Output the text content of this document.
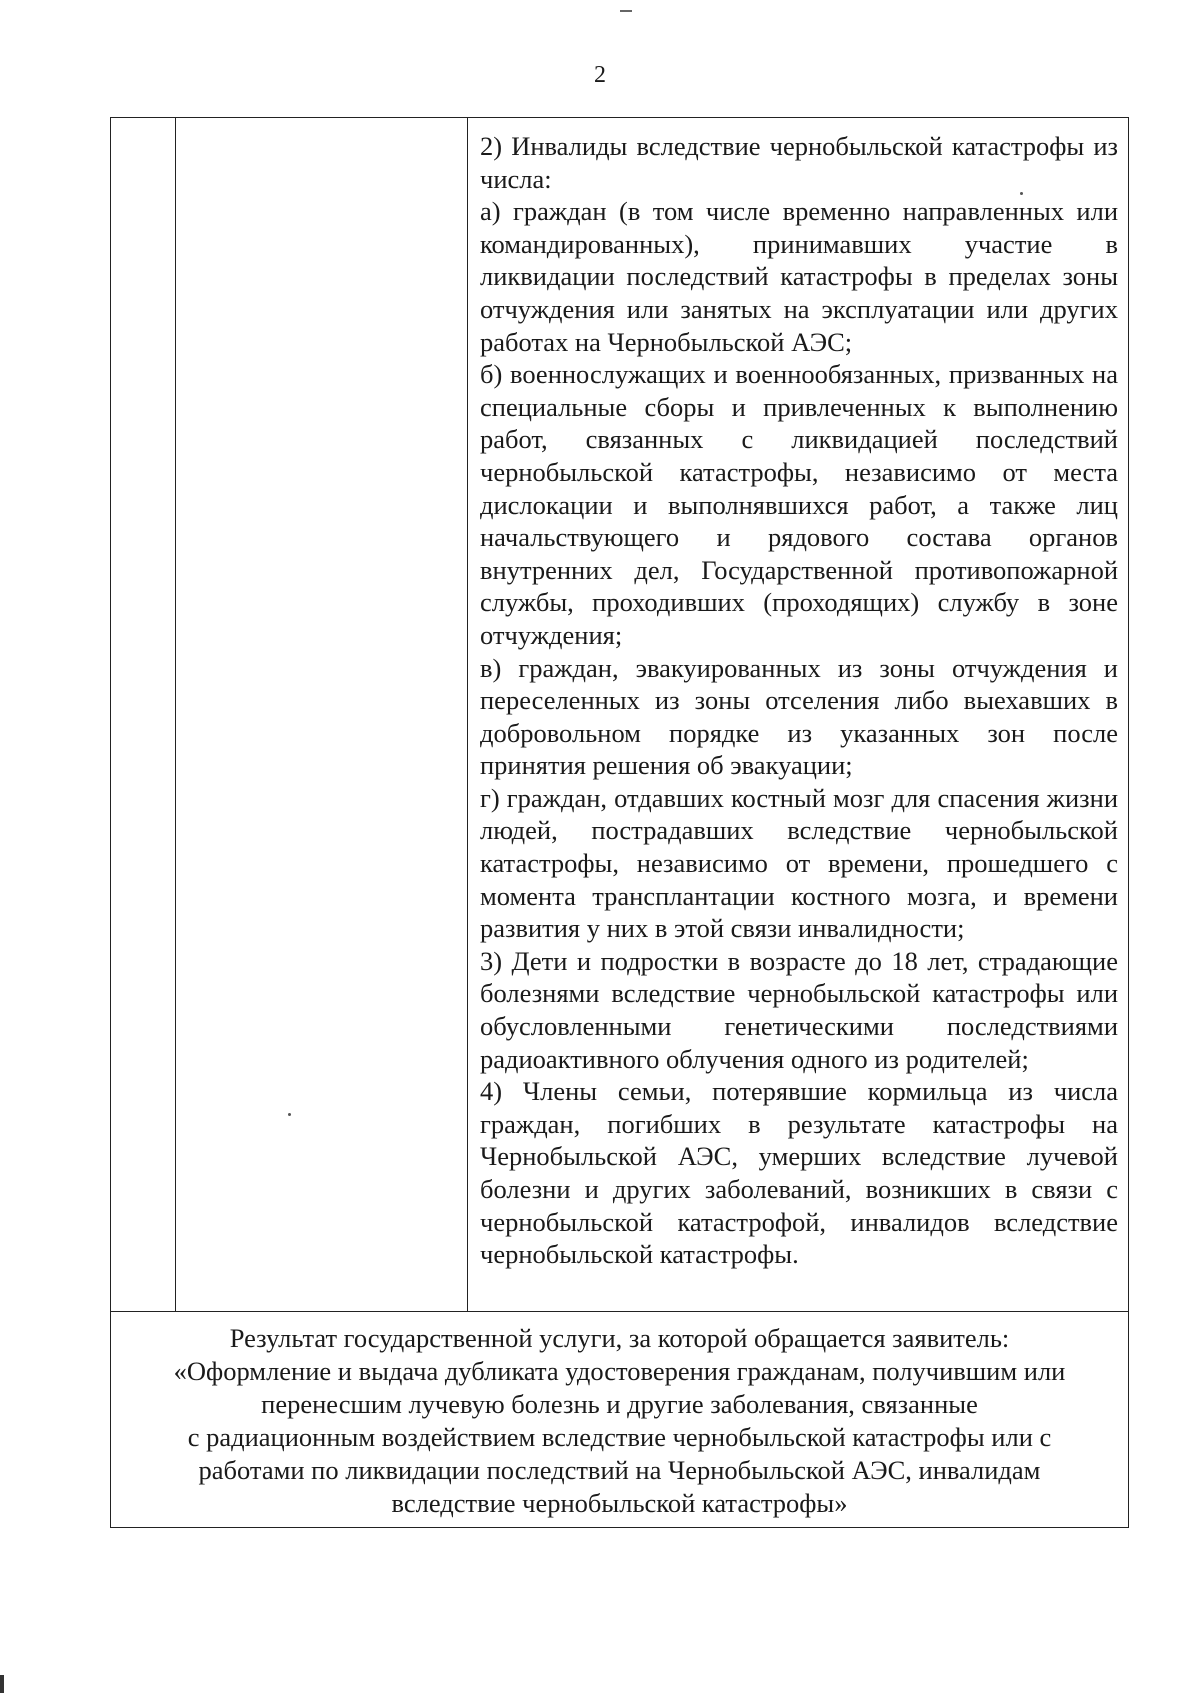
2

2) Инвалиды вследствие чернобыльской катастрофы из числа:

а) граждан (в том числе временно направленных или командированных), принимавших участие в ликвидации последствий катастрофы в пределах зоны отчуждения или занятых на эксплуатации или других работах на Чернобыльской АЭС;

б) военнослужащих и военнообязанных, призванных на специальные сборы и привлеченных к выполнению работ, связанных с ликвидацией последствий чернобыльской катастрофы, независимо от места дислокации и выполнявшихся работ, а также лиц начальствующего и рядового состава органов внутренних дел, Государственной противопожарной службы, проходивших (проходящих) службу в зоне отчуждения;

в) граждан, эвакуированных из зоны отчуждения и переселенных из зоны отселения либо выехавших в добровольном порядке из указанных зон после принятия решения об эвакуации;

г) граждан, отдавших костный мозг для спасения жизни людей, пострадавших вследствие чернобыльской катастрофы, независимо от времени, прошедшего с момента трансплантации костного мозга, и времени развития у них в этой связи инвалидности;

3) Дети и подростки в возрасте до 18 лет, страдающие болезнями вследствие чернобыльской катастрофы или обусловленными генетическими последствиями радиоактивного облучения одного из родителей;

4) Члены семьи, потерявшие кормильца из числа граждан, погибших в результате катастрофы на Чернобыльской АЭС, умерших вследствие лучевой болезни и других заболеваний, возникших в связи с чернобыльской катастрофой, инвалидов вследствие чернобыльской катастрофы.

Результат государственной услуги, за которой обращается заявитель:
«Оформление и выдача дубликата удостоверения гражданам, получившим или
перенесшим лучевую болезнь и другие заболевания, связанные
с радиационным воздействием вследствие чернобыльской катастрофы или с
работами по ликвидации последствий на Чернобыльской АЭС, инвалидам
вследствие чернобыльской катастрофы»
